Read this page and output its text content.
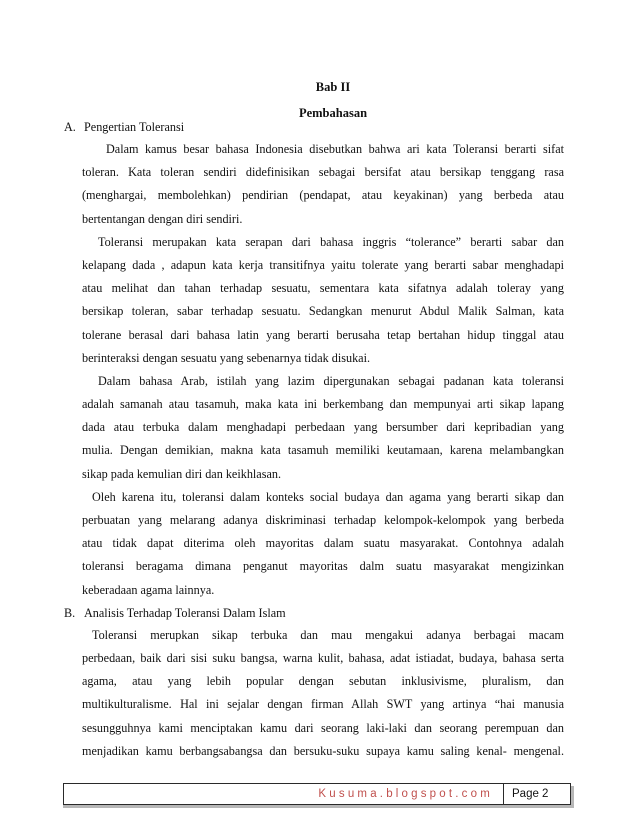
Bab II
Pembahasan
A. Pengertian Toleransi
Dalam kamus besar bahasa Indonesia disebutkan bahwa ari kata Toleransi berarti sifat
toleran. Kata toleran sendiri didefinisikan sebagai bersifat atau bersikap tenggang rasa
(menghargai, membolehkan) pendirian (pendapat, atau keyakinan) yang berbeda atau
bertentangan dengan diri sendiri.
Toleransi merupakan kata serapan dari bahasa inggris “tolerance” berarti sabar dan
kelapang dada , adapun kata kerja transitifnya yaitu tolerate yang berarti sabar menghadapi
atau melihat dan tahan terhadap sesuatu, sementara kata sifatnya adalah toleray yang
bersikap toleran, sabar terhadap sesuatu. Sedangkan menurut Abdul Malik Salman, kata
tolerane berasal dari bahasa latin yang berarti berusaha tetap bertahan hidup tinggal atau
berinteraksi dengan sesuatu yang sebenarnya tidak disukai.
Dalam bahasa Arab, istilah yang lazim dipergunakan sebagai padanan kata toleransi
adalah samanah atau tasamuh, maka kata ini berkembang dan mempunyai arti sikap lapang
dada atau terbuka dalam menghadapi perbedaan yang bersumber dari kepribadian yang
mulia. Dengan demikian, makna kata tasamuh memiliki keutamaan, karena melambangkan
sikap pada kemulian diri dan keikhlasan.
Oleh karena itu, toleransi dalam konteks social budaya dan agama yang berarti sikap dan
perbuatan yang melarang adanya diskriminasi terhadap kelompok-kelompok yang berbeda
atau tidak dapat diterima oleh mayoritas dalam suatu masyarakat. Contohnya adalah
toleransi beragama dimana penganut mayoritas dalm suatu masyarakat mengizinkan
keberadaan agama lainnya.
B. Analisis Terhadap Toleransi Dalam Islam
Toleransi merupkan sikap terbuka dan mau mengakui adanya berbagai macam
perbedaan, baik dari sisi suku bangsa, warna kulit, bahasa, adat istiadat, budaya, bahasa serta
agama, atau yang lebih popular dengan sebutan inklusivisme, pluralism, dan
multikulturalisme. Hal ini sejalar dengan firman Allah SWT yang artinya “hai manusia
sesungguhnya kami menciptakan kamu dari seorang laki-laki dan seorang perempuan dan
menjadikan kamu berbangsabangsa dan bersuku-suku supaya kamu saling kenal- mengenal.
Kusuma.blogspot.com	Page 2
